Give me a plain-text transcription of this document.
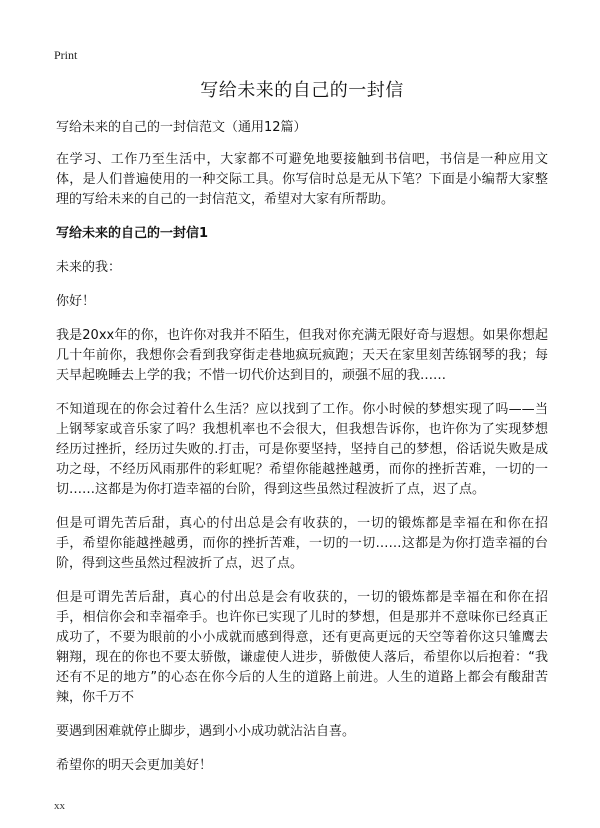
Print
写给未来的自己的一封信

写给未来的自己的一封信范文（通用12篇）

在学习、工作乃至生活中，大家都不可避免地要接触到书信吧，书信是一种应用文体，是人们普遍使用的一种交际工具。你写信时总是无从下笔？下面是小编帮大家整理的写给未来的自己的一封信范文，希望对大家有所帮助。

写给未来的自己的一封信1

未来的我：

你好！

我是20xx年的你，也许你对我并不陌生，但我对你充满无限好奇与遐想。如果你想起几十年前你，我想你会看到我穿街走巷地疯玩疯跑；天天在家里刻苦练钢琴的我；每天早起晚睡去上学的我；不惜一切代价达到目的，顽强不屈的我……

不知道现在的你会过着什么生活？应以找到了工作。你小时候的梦想实现了吗——当上钢琴家或音乐家了吗？我想机率也不会很大，但我想告诉你，也许你为了实现梦想经历过挫折，经历过失败的.打击，可是你要坚持，坚持自己的梦想，俗话说失败是成功之母，不经历风雨那件的彩虹呢？希望你能越挫越勇，而你的挫折苦难，一切的一切……这都是为你打造幸福的台阶，得到这些虽然过程波折了点，迟了点。

但是可谓先苦后甜，真心的付出总是会有收获的，一切的锻炼都是幸福在和你在招手，希望你能越挫越勇，而你的挫折苦难，一切的一切……这都是为你打造幸福的台阶，得到这些虽然过程波折了点，迟了点。

但是可谓先苦后甜，真心的付出总是会有收获的，一切的锻炼都是幸福在和你在招手，相信你会和幸福牵手。也许你已实现了儿时的梦想，但是那并不意味你已经真正成功了，不要为眼前的小小成就而感到得意，还有更高更远的天空等着你这只雏鹰去翱翔，现在的你也不要太骄傲，谦虚使人进步，骄傲使人落后，希望你以后抱着：“我还有不足的地方”的心态在你今后的人生的道路上前进。人生的道路上都会有酸甜苦辣，你千万不

要遇到困难就停止脚步，遇到小小成功就沾沾自喜。

希望你的明天会更加美好！

xx
